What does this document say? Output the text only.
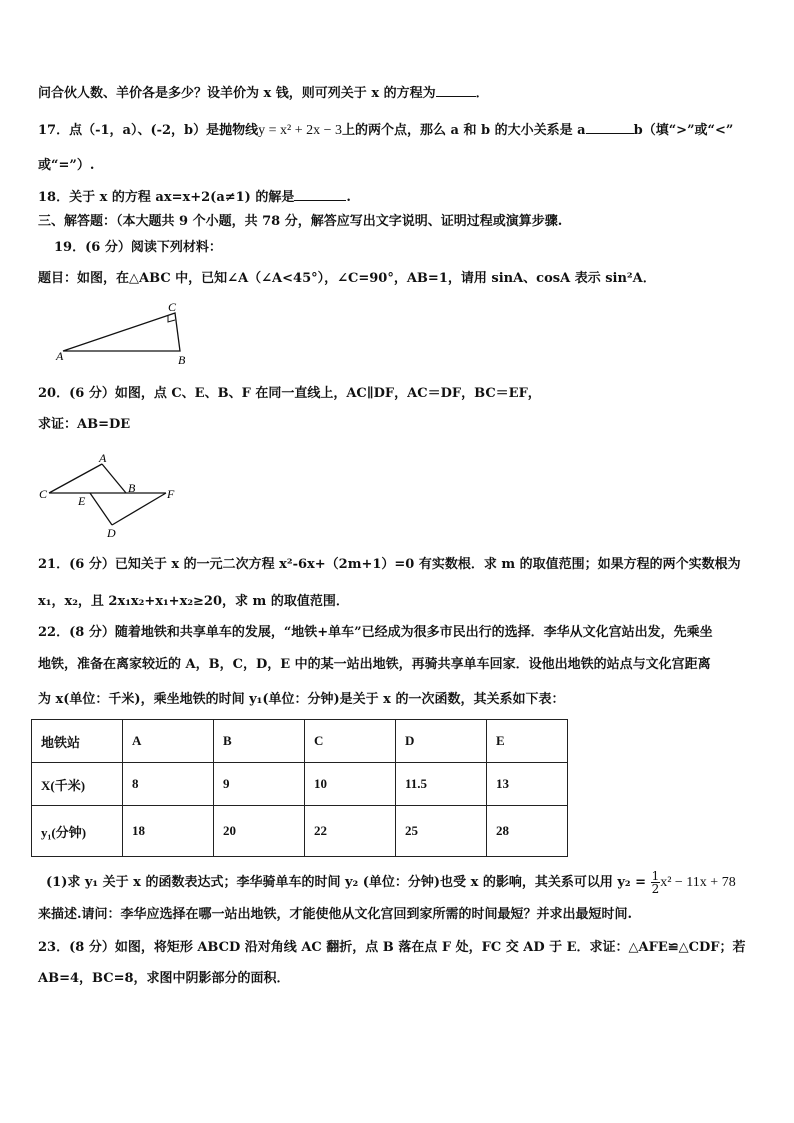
问合伙人数、羊价各是多少？设羊价为 x 钱，则可列关于 x 的方程为	．
17．点（-1，a）、(-2，b）是抛物线y = x² + 2x − 3上的两个点，那么 a 和 b 的大小关系是 a	b（填“>”或“<”
或“=”）.
18．关于 x 的方程 ax=x+2(a≠1) 的解是	.
三、解答题：（本大题共 9 个小题，共 78 分，解答应写出文字说明、证明过程或演算步骤.
19．(6 分）阅读下列材料：
题目：如图，在△ABC 中，已知∠A（∠A<45°），∠C=90°，AB=1，请用 sinA、cosA 表示 sin²A．
A	B
C
20．(6 分）如图，点 C、E、B、F 在同一直线上，AC∥DF，AC＝DF，BC＝EF，
求证：AB=DE
A
C	E
B	F
D
21．(6 分）已知关于 x 的一元二次方程 x²-6x+（2m+1）=0 有实数根．求 m 的取值范围；如果方程的两个实数根为
x₁，x₂，且 2x₁x₂+x₁+x₂≥20，求 m 的取值范围．
22．(8 分）随着地铁和共享单车的发展，“地铁+单车”已经成为很多市民出行的选择．李华从文化宫站出发，先乘坐
地铁，准备在离家较近的 A，B，C，D，E 中的某一站出地铁，再骑共享单车回家．设他出地铁的站点与文化宫距离
为 x(单位：千米)，乘坐地铁的时间 y₁(单位：分钟)是关于 x 的一次函数，其关系如下表：
地铁站	A	B	C	D	E
X(千米)	8	9	10	11.5	13
y₁(分钟)	18	20	22	25	28
(1)求 y₁ 关于 x 的函数表达式；李华骑单车的时间 y₂ (单位：分钟)也受 x 的影响，其关系可以用 $y_2 = \frac{1}{2} x^2 - 11x + 78$
来描述.请问：李华应选择在哪一站出地铁，才能使他从文化宫回到家所需的时间最短？并求出最短时间.
23．(8 分）如图，将矩形 ABCD 沿对角线 AC 翻折，点 B 落在点 F 处，FC 交 AD 于 E．求证：△AFE≌△CDF；若
AB=4，BC=8，求图中阴影部分的面积．
